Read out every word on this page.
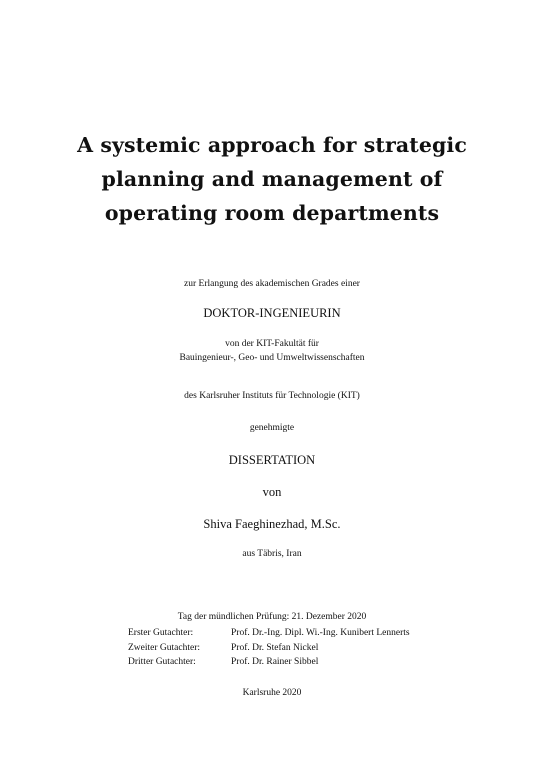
A systemic approach for strategic
planning and management of
operating room departments
zur Erlangung des akademischen Grades einer
DOKTOR-INGENIEURIN
von der KIT-Fakultät für
Bauingenieur-, Geo- und Umweltwissenschaften
des Karlsruher Instituts für Technologie (KIT)
genehmigte
DISSERTATION
von
Shiva Faeghinezhad, M.Sc.
aus Täbris, Iran
Tag der mündlichen Prüfung: 21. Dezember 2020
Erster Gutachter:	Prof. Dr.-Ing. Dipl. Wi.-Ing. Kunibert Lennerts
Zweiter Gutachter:	Prof. Dr. Stefan Nickel
Dritter Gutachter:	Prof. Dr. Rainer Sibbel
Karlsruhe 2020
